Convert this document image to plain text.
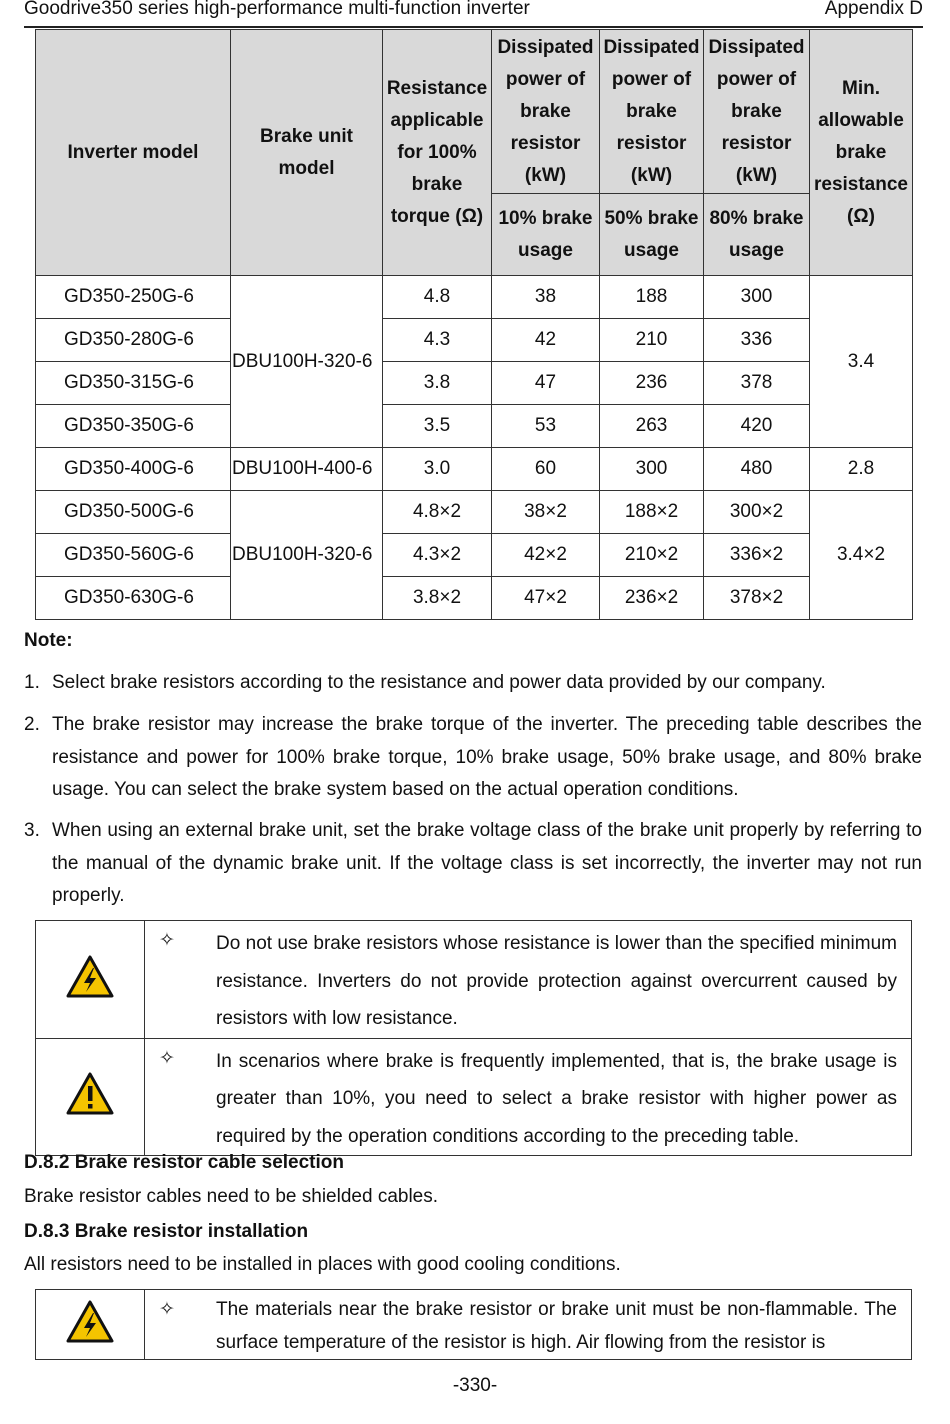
Goodrive350 series high-performance multi-function inverter	Appendix D
Inverter model	Brake unit model	Resistance applicable for 100% brake torque (Ω)	Dissipated power of brake resistor (kW)	Dissipated power of brake resistor (kW)	Dissipated power of brake resistor (kW)	Min. allowable brake resistance (Ω)
			10% brake usage	50% brake usage	80% brake usage	
GD350-250G-6	DBU100H-320-6	4.8	38	188	300	3.4
GD350-280G-6		4.3	42	210	336	
GD350-315G-6		3.8	47	236	378	
GD350-350G-6		3.5	53	263	420	
GD350-400G-6	DBU100H-400-6	3.0	60	300	480	2.8
GD350-500G-6	DBU100H-320-6	4.8×2	38×2	188×2	300×2	3.4×2
GD350-560G-6		4.3×2	42×2	210×2	336×2	
GD350-630G-6		3.8×2	47×2	236×2	378×2	
Note:
1. Select brake resistors according to the resistance and power data provided by our company.
2. The brake resistor may increase the brake torque of the inverter. The preceding table describes the resistance and power for 100% brake torque, 10% brake usage, 50% brake usage, and 80% brake usage. You can select the brake system based on the actual operation conditions.
3. When using an external brake unit, set the brake voltage class of the brake unit properly by referring to the manual of the dynamic brake unit. If the voltage class is set incorrectly, the inverter may not run properly.

✧ Do not use brake resistors whose resistance is lower than the specified minimum resistance. Inverters do not provide protection against overcurrent caused by resistors with low resistance.

✧ In scenarios where brake is frequently implemented, that is, the brake usage is greater than 10%, you need to select a brake resistor with higher power as required by the operation conditions according to the preceding table.
D.8.2 Brake resistor cable selection
Brake resistor cables need to be shielded cables.
D.8.3 Brake resistor installation
All resistors need to be installed in places with good cooling conditions.

✧ The materials near the brake resistor or brake unit must be non-flammable. The surface temperature of the resistor is high. Air flowing from the resistor is
-330-
